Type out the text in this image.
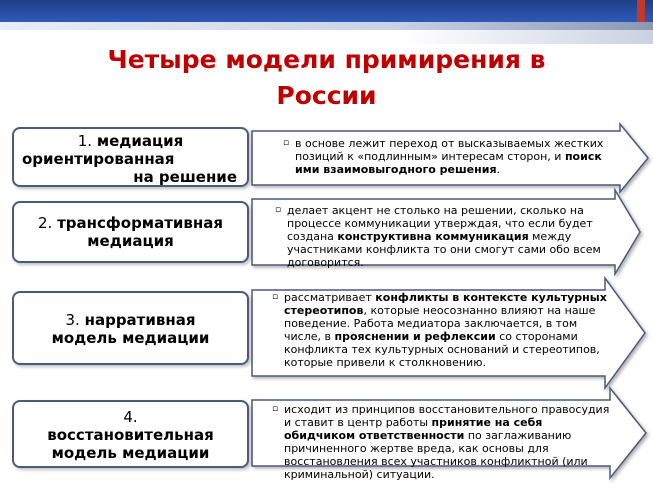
Четыре модели примирения в
России
1. медиация
ориентированная
на решение
▫ в основе лежит переход от высказываемых жестких позиций к «подлинным» интересам сторон, и поиск ими взаимовыгодного решения.
2. трансформативная
медиация
▫ делает акцент не столько на решении, сколько на процессе коммуникации утверждая, что если будет создана конструктивна коммуникация между участниками конфликта то они смогут сами обо всем договорится.
3. нарративная
модель медиации
▫ рассматривает конфликты в контексте культурных стереотипов, которые неосознанно влияют на наше поведение. Работа медиатора заключается, в том числе, в прояснении и рефлексии со сторонами конфликта тех культурных оснований и стереотипов, которые привели к столкновению.
4.
восстановительная
модель медиации
▫ исходит из принципов восстановительного правосудия и ставит в центр работы принятие на себя обидчиком ответственности по заглаживанию причиненного жертве вреда, как основы для восстановления всех участников конфликтной (или криминальной) ситуации.
